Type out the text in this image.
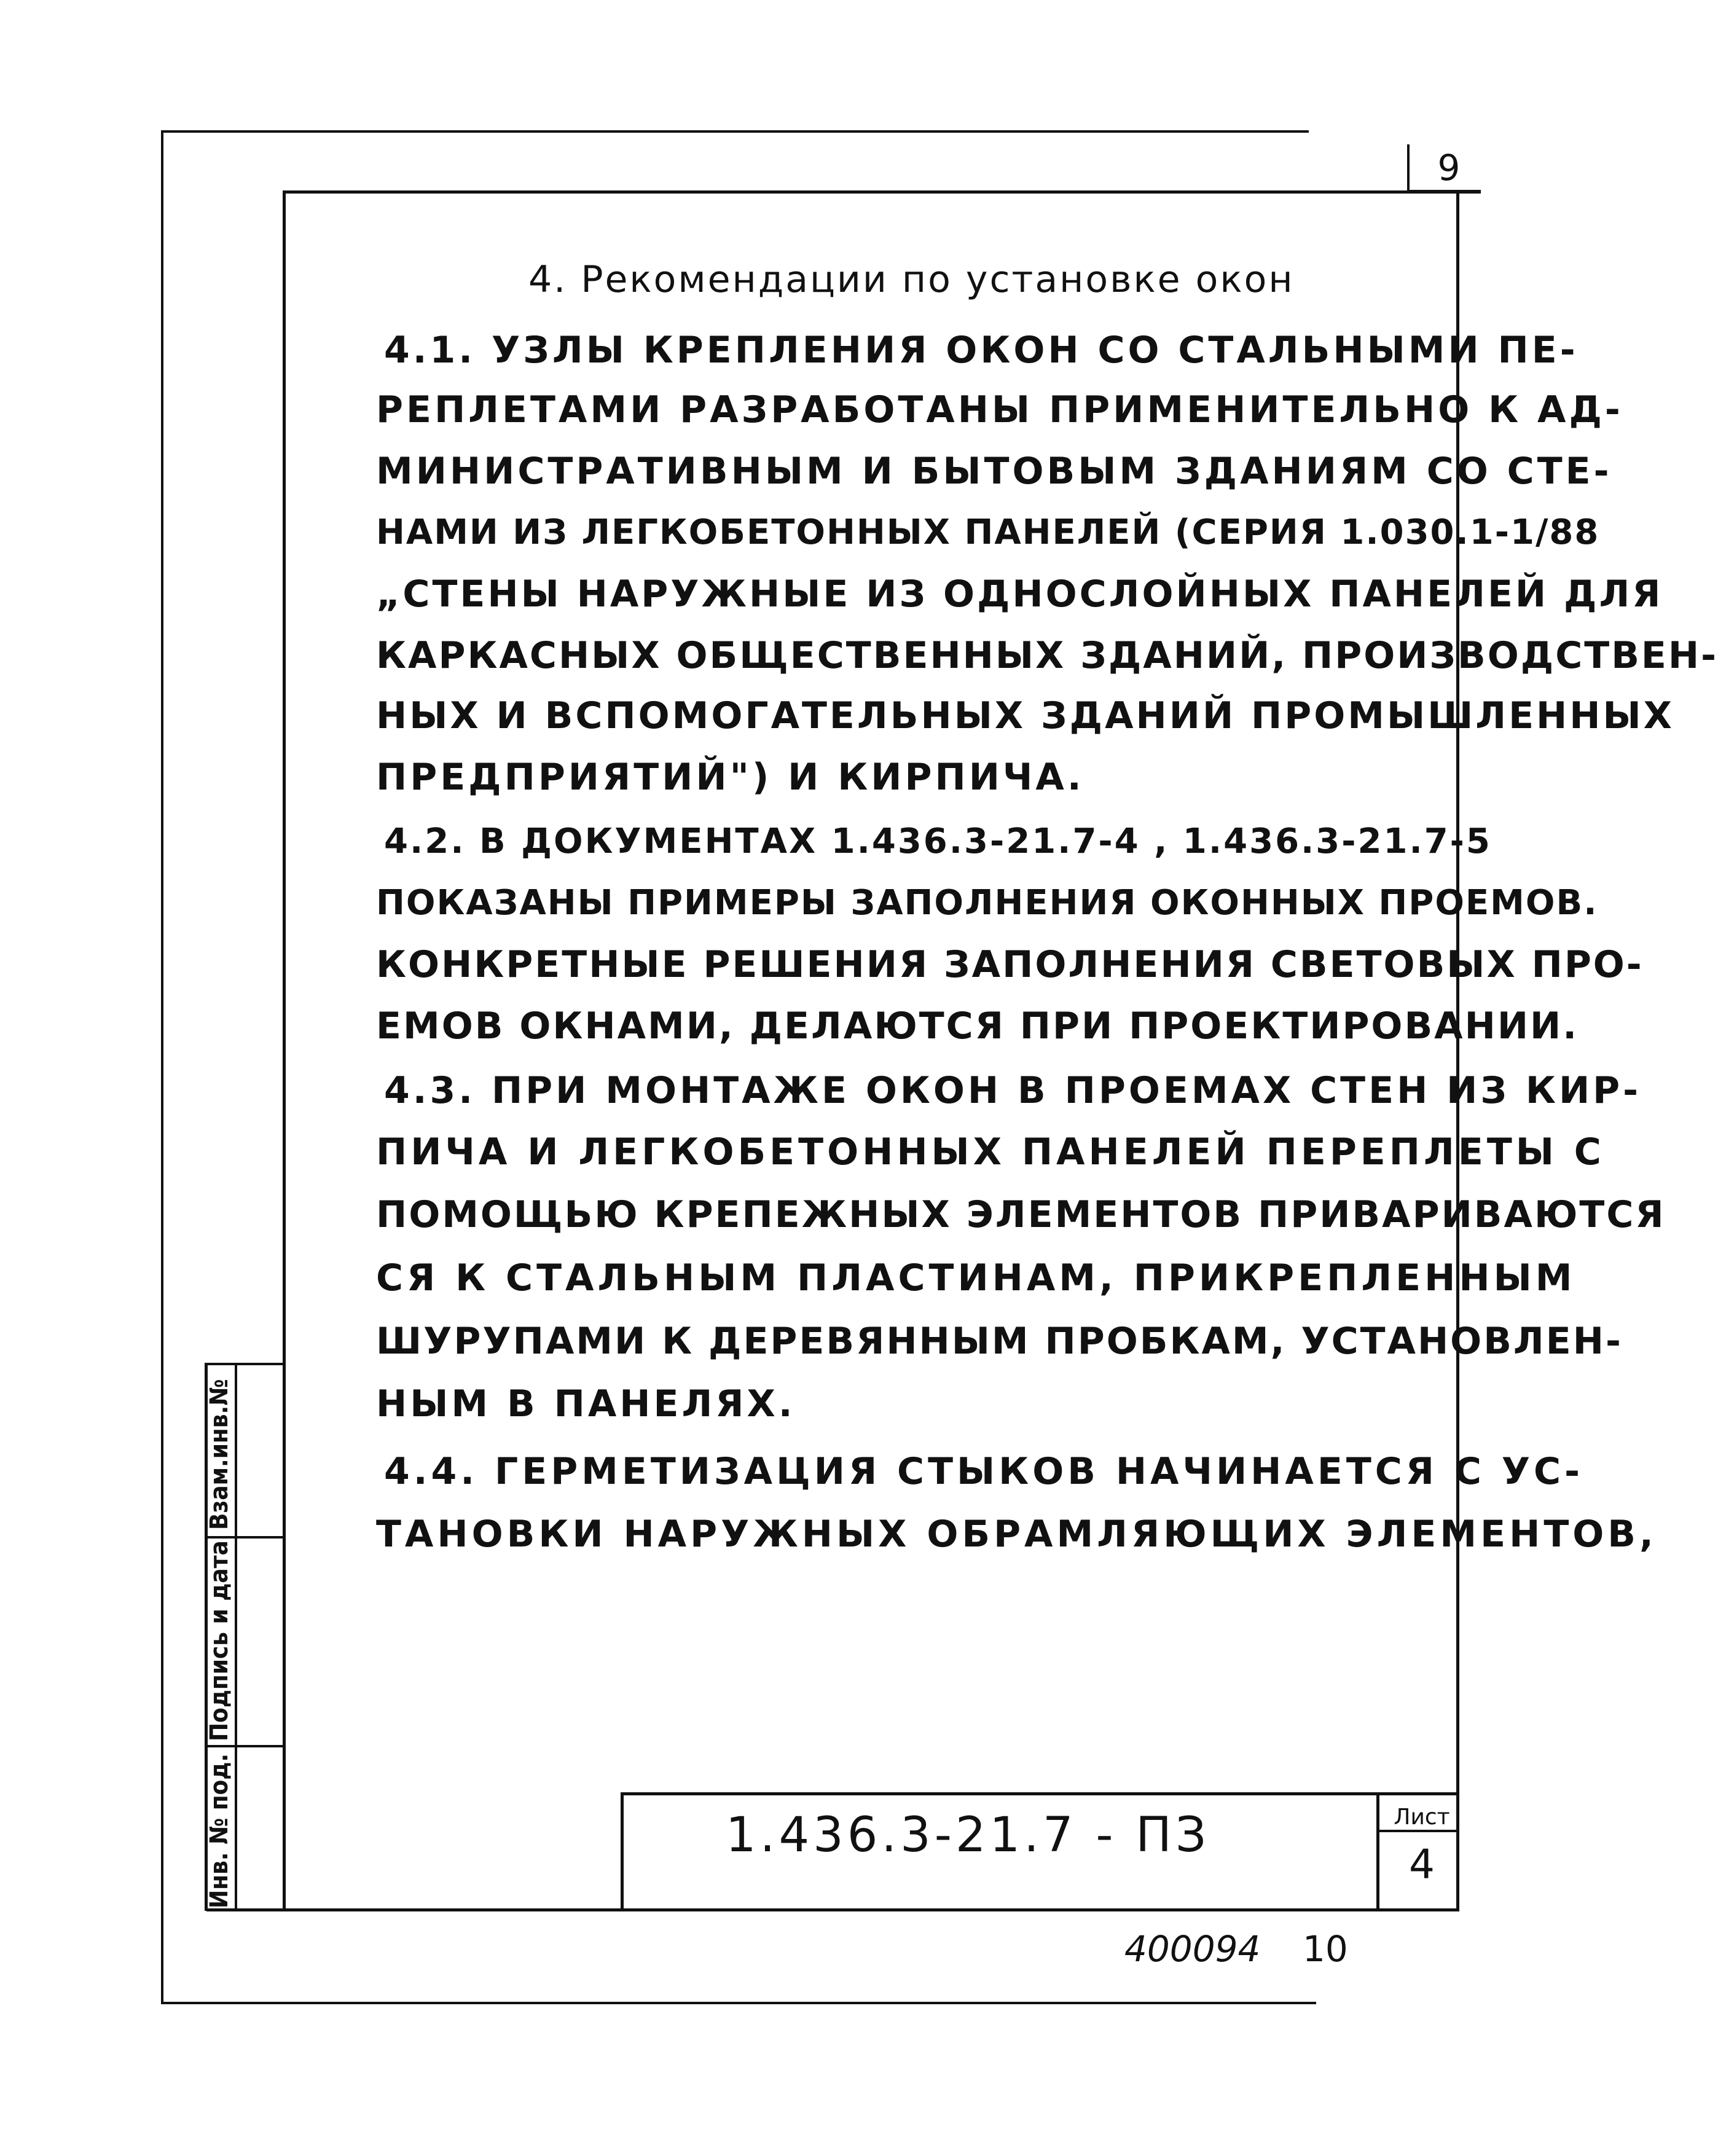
9
4. Рекомендации по установке окон
4.1. УЗЛЫ КРЕПЛЕНИЯ ОКОН СО СТАЛЬНЫМИ ПЕ-
РЕПЛЕТАМИ РАЗРАБОТАНЫ ПРИМЕНИТЕЛЬНО К АД-
МИНИСТРАТИВНЫМ И БЫТОВЫМ ЗДАНИЯМ СО СТЕ-
НАМИ ИЗ ЛЕГКОБЕТОННЫХ ПАНЕЛЕЙ (СЕРИЯ 1.030.1-1/88
„СТЕНЫ НАРУЖНЫЕ ИЗ ОДНОСЛОЙНЫХ ПАНЕЛЕЙ ДЛЯ
КАРКАСНЫХ ОБЩЕСТВЕННЫХ ЗДАНИЙ, ПРОИЗВОДСТВЕН-
НЫХ И ВСПОМОГАТЕЛЬНЫХ ЗДАНИЙ ПРОМЫШЛЕННЫХ
ПРЕДПРИЯТИЙ") И КИРПИЧА.
4.2. В ДОКУМЕНТАХ 1.436.3-21.7-4 , 1.436.3-21.7-5
ПОКАЗАНЫ ПРИМЕРЫ ЗАПОЛНЕНИЯ ОКОННЫХ ПРОЕМОВ.
КОНКРЕТНЫЕ РЕШЕНИЯ ЗАПОЛНЕНИЯ СВЕТОВЫХ ПРО-
ЕМОВ ОКНАМИ, ДЕЛАЮТСЯ ПРИ ПРОЕКТИРОВАНИИ.
4.3. ПРИ МОНТАЖЕ ОКОН В ПРОЕМАХ СТЕН ИЗ КИР-
ПИЧА И ЛЕГКОБЕТОННЫХ ПАНЕЛЕЙ ПЕРЕПЛЕТЫ С
ПОМОЩЬЮ КРЕПЕЖНЫХ ЭЛЕМЕНТОВ ПРИВАРИВАЮТСЯ
СЯ К СТАЛЬНЫМ ПЛАСТИНАМ, ПРИКРЕПЛЕННЫМ
ШУРУПАМИ К ДЕРЕВЯННЫМ ПРОБКАМ, УСТАНОВЛЕН-
НЫМ В ПАНЕЛЯХ.
4.4. ГЕРМЕТИЗАЦИЯ СТЫКОВ НАЧИНАЕТСЯ С УС-
ТАНОВКИ НАРУЖНЫХ ОБРАМЛЯЮЩИХ ЭЛЕМЕНТОВ,
Взам.инв.№
Подпись и дата
Инв. № под.	1.436.3-21.7 - ПЗ	Лист
4
400094 10
